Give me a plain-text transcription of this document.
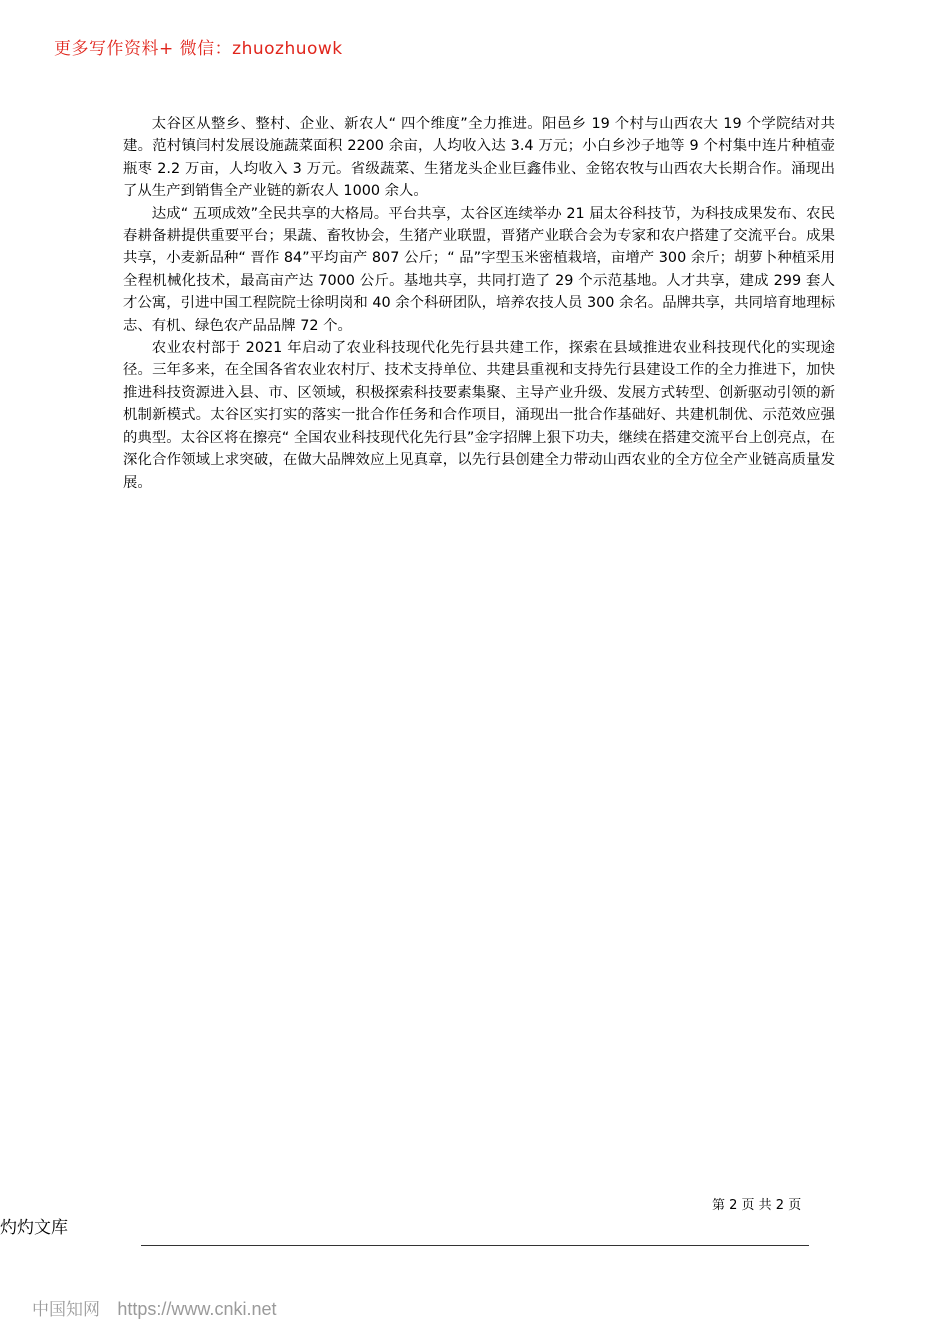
更多写作资料+ 微信：zhuozhuowk

太谷区从整乡、整村、企业、新农人“ 四个维度”全力推进。阳邑乡 19 个村与山西农大 19 个学院结对共建。范村镇闫村发展设施蔬菜面积 2200 余亩，人均收入达 3.4 万元；小白乡沙子地等 9 个村集中连片种植壶瓶枣 2.2 万亩，人均收入 3 万元。省级蔬菜、生猪龙头企业巨鑫伟业、金铭农牧与山西农大长期合作。涌现出了从生产到销售全产业链的新农人 1000 余人。

达成“ 五项成效”全民共享的大格局。平台共享，太谷区连续举办 21 届太谷科技节，为科技成果发布、农民春耕备耕提供重要平台；果蔬、畜牧协会，生猪产业联盟，晋猪产业联合会为专家和农户搭建了交流平台。成果共享，小麦新品种“ 晋作 84”平均亩产 807 公斤；“ 品”字型玉米密植栽培，亩增产 300 余斤；胡萝卜种植采用全程机械化技术，最高亩产达 7000 公斤。基地共享，共同打造了 29 个示范基地。人才共享，建成 299 套人才公寓，引进中国工程院院士徐明岗和 40 余个科研团队，培养农技人员 300 余名。品牌共享，共同培育地理标志、有机、绿色农产品品牌 72 个。

农业农村部于 2021 年启动了农业科技现代化先行县共建工作，探索在县域推进农业科技现代化的实现途径。三年多来，在全国各省农业农村厅、技术支持单位、共建县重视和支持先行县建设工作的全力推进下，加快推进科技资源进入县、市、区领域，积极探索科技要素集聚、主导产业升级、发展方式转型、创新驱动引领的新机制新模式。太谷区实打实的落实一批合作任务和合作项目，涌现出一批合作基础好、共建机制优、示范效应强的典型。太谷区将在擦亮“ 全国农业科技现代化先行县”金字招牌上狠下功夫，继续在搭建交流平台上创亮点，在深化合作领域上求突破，在做大品牌效应上见真章，以先行县创建全力带动山西农业的全方位全产业链高质量发展。

第 2 页 共 2 页
灼灼文库
中国知网 https://www.cnki.net
